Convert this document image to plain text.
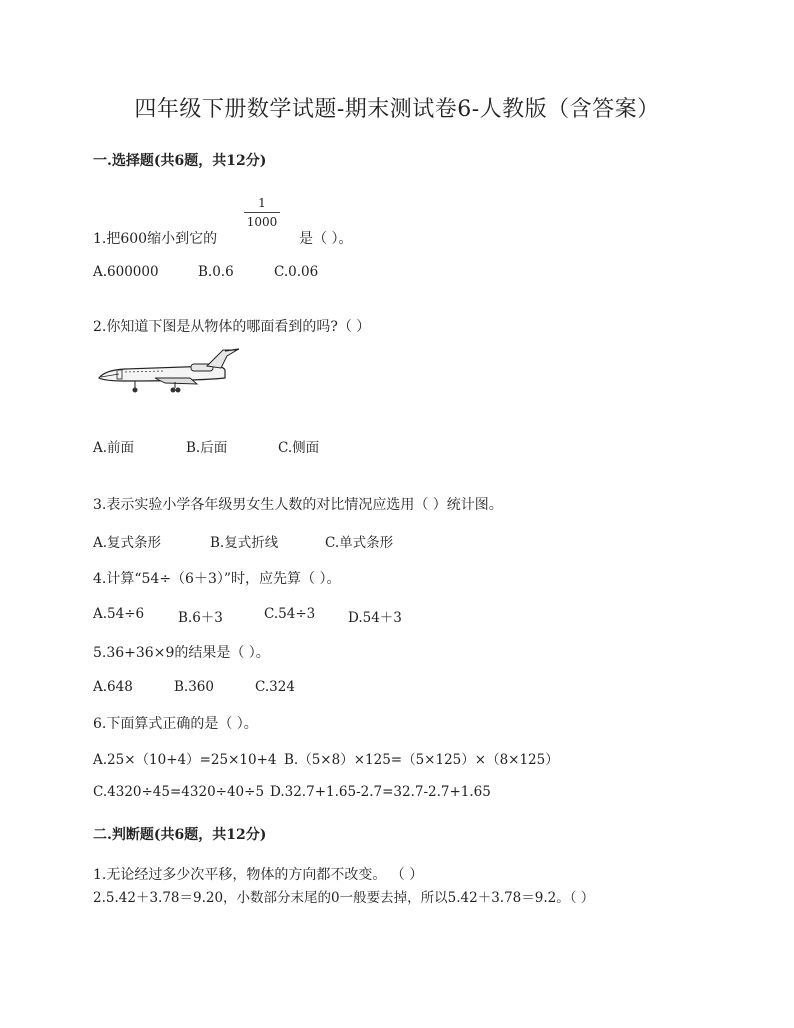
四年级下册数学试题-期末测试卷6-人教版（含答案）
一.选择题(共6题，共12分)
1
1000
1.把600缩小到它的	是（ ）。
A.600000	B.0.6	C.0.06
2.你知道下图是从物体的哪面看到的吗?（ ）
A.前面	B.后面	C.侧面
3.表示实验小学各年级男女生人数的对比情况应选用（ ）统计图。
A.复式条形	B.复式折线	C.单式条形
4.计算“54÷（6＋3）”时，应先算（ ）。
A.54÷6	B.6＋3	C.54÷3 D.54＋3
5.36+36×9的结果是（ ）。
A.648	B.360	C.324
6.下面算式正确的是（ ）。
A.25×（10+4）=25×10+4 B.（5×8）×125=（5×125）×（8×125）
C.4320÷45=4320÷40÷5 D.32.7+1.65-2.7=32.7-2.7+1.65
二.判断题(共6题，共12分)
1.无论经过多少次平移，物体的方向都不改变。 （ ）
2.5.42＋3.78＝9.20，小数部分末尾的0一般要去掉，所以5.42＋3.78＝9.2。（ ）
